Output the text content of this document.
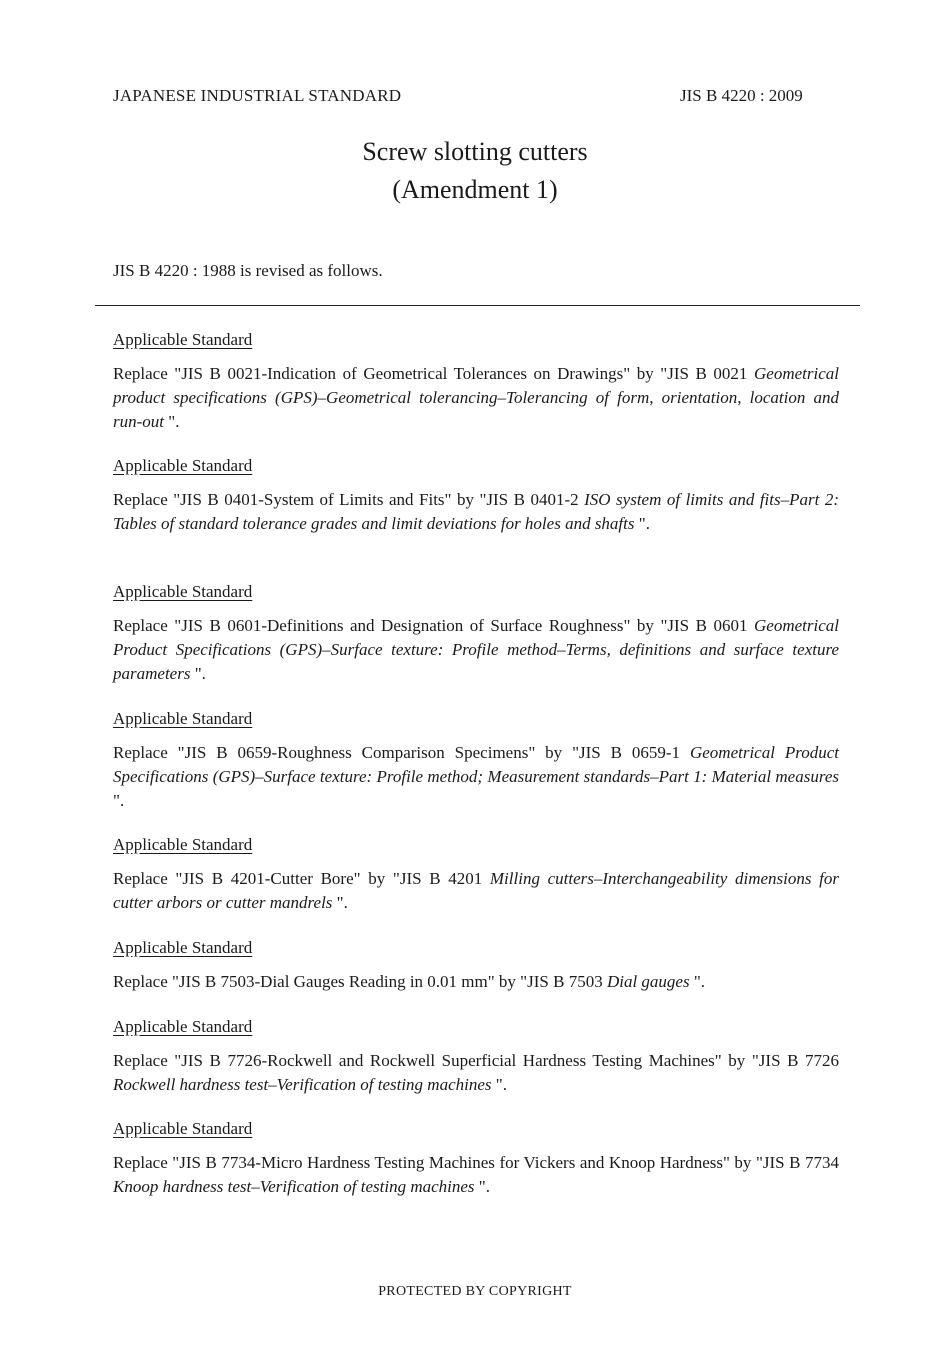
JAPANESE INDUSTRIAL STANDARD	JIS B 4220 : 2009
Screw slotting cutters
(Amendment 1)
JIS B 4220 : 1988 is revised as follows.
Applicable Standard
Replace "JIS B 0021-Indication of Geometrical Tolerances on Drawings" by "JIS B 0021 Geometrical product specifications (GPS)–Geometrical tolerancing–Tolerancing of form, orientation, location and run-out ".
Applicable Standard
Replace "JIS B 0401-System of Limits and Fits" by "JIS B 0401-2 ISO system of limits and fits–Part 2: Tables of standard tolerance grades and limit deviations for holes and shafts ".
Applicable Standard
Replace "JIS B 0601-Definitions and Designation of Surface Roughness" by "JIS B 0601 Geometrical Product Specifications (GPS)–Surface texture: Profile method–Terms, definitions and surface texture parameters ".
Applicable Standard
Replace "JIS B 0659-Roughness Comparison Specimens" by "JIS B 0659-1 Geometrical Product Specifications (GPS)–Surface texture: Profile method; Measurement standards–Part 1: Material measures ".
Applicable Standard
Replace "JIS B 4201-Cutter Bore" by "JIS B 4201 Milling cutters–Interchangeability dimensions for cutter arbors or cutter mandrels ".
Applicable Standard
Replace "JIS B 7503-Dial Gauges Reading in 0.01 mm" by "JIS B 7503 Dial gauges ".
Applicable Standard
Replace "JIS B 7726-Rockwell and Rockwell Superficial Hardness Testing Machines" by "JIS B 7726 Rockwell hardness test–Verification of testing machines ".
Applicable Standard
Replace "JIS B 7734-Micro Hardness Testing Machines for Vickers and Knoop Hardness" by "JIS B 7734 Knoop hardness test–Verification of testing machines ".
PROTECTED BY COPYRIGHT
